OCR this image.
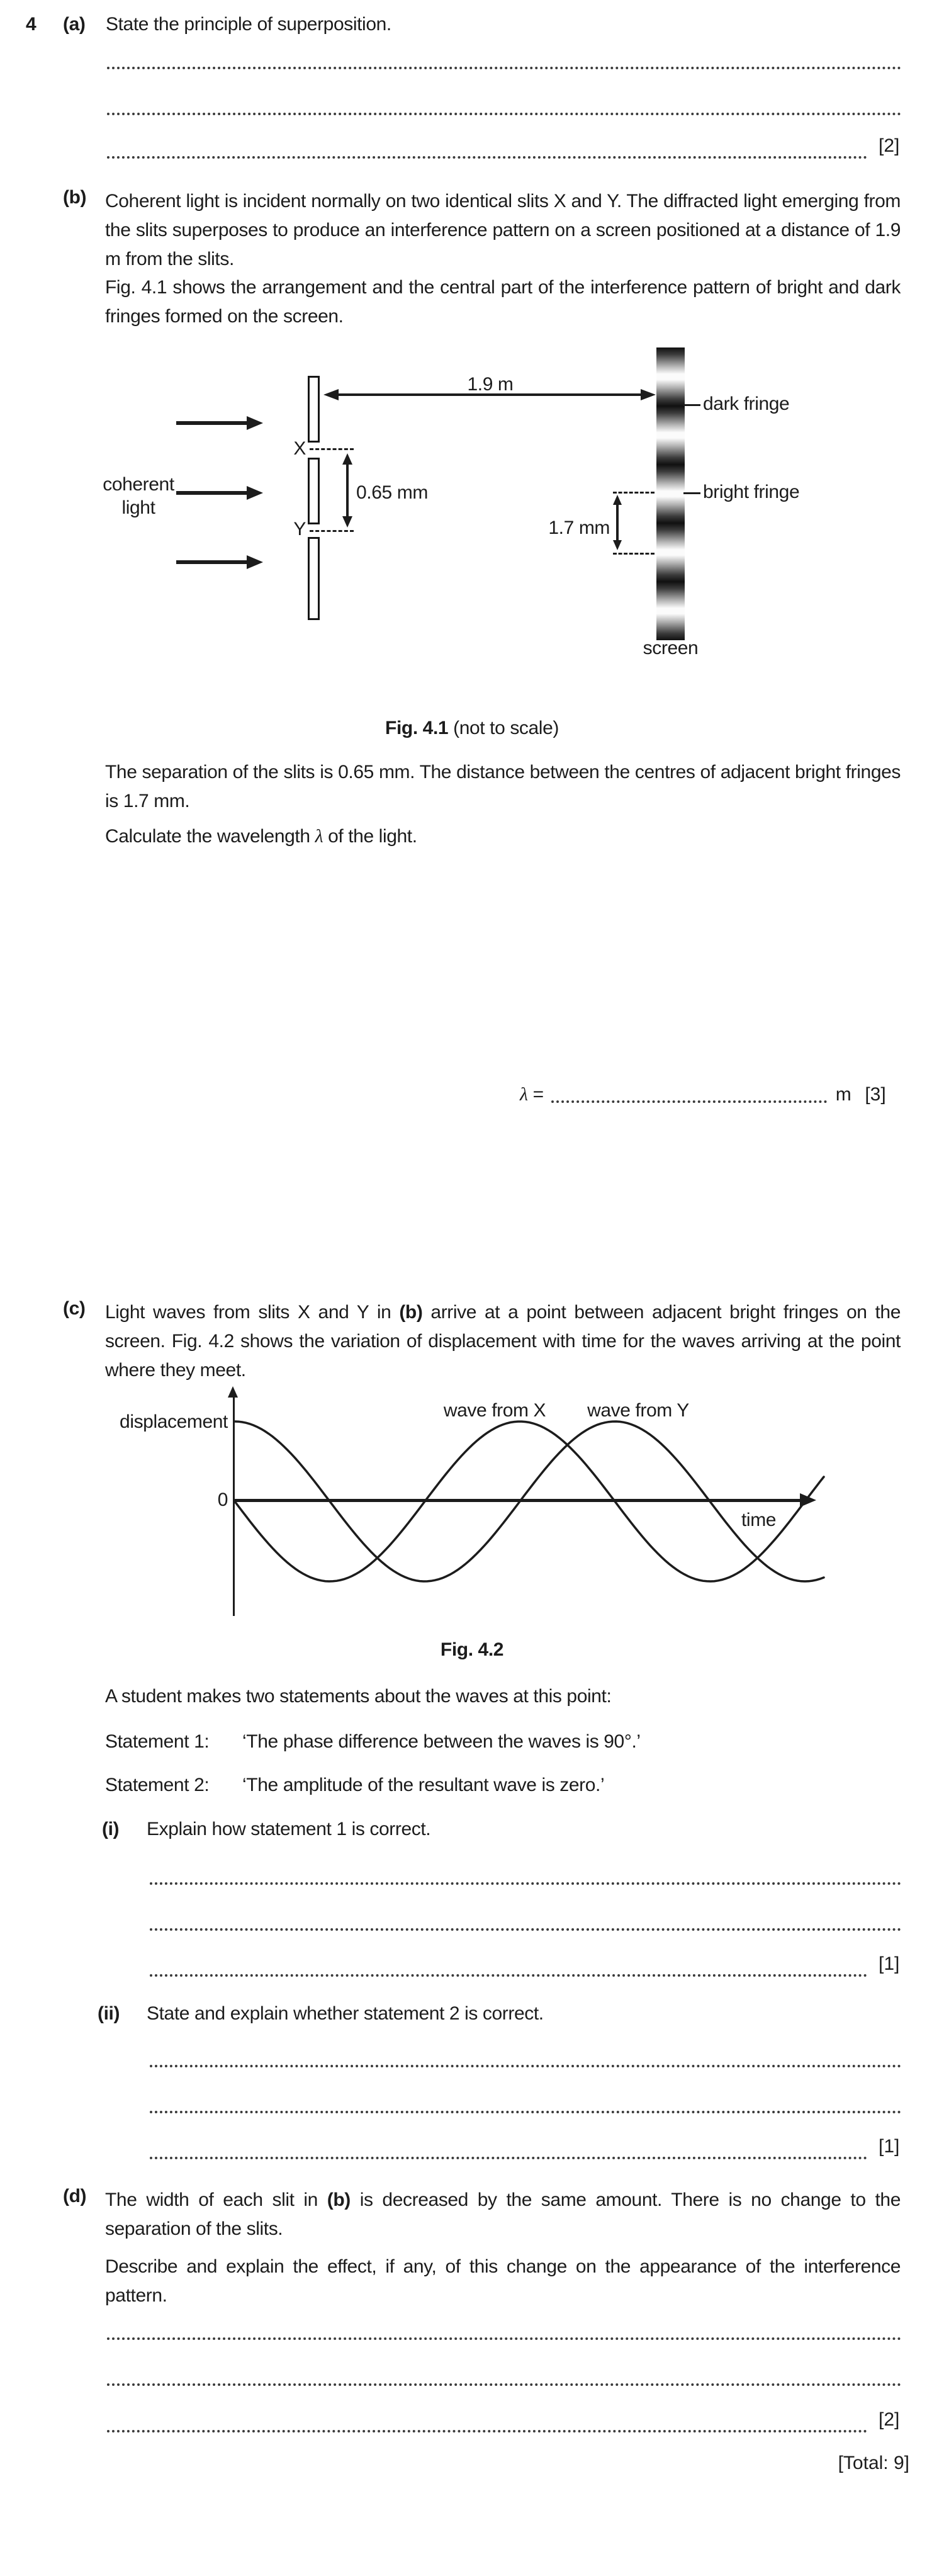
4 (a) State the principle of superposition.
[2]
(b) Coherent light is incident normally on two identical slits X and Y. The diffracted light emerging from the slits superposes to produce an interference pattern on a screen positioned at a distance of 1.9 m from the slits.
Fig. 4.1 shows the arrangement and the central part of the interference pattern of bright and dark fringes formed on the screen.
coherent
light
X
Y
0.65 mm
1.9 m
dark fringe
bright fringe
1.7 mm
screen
Fig. 4.1 (not to scale)
The separation of the slits is 0.65 mm. The distance between the centres of adjacent bright fringes is 1.7 mm.
Calculate the wavelength λ of the light.
λ =	m [3]
(c) Light waves from slits X and Y in (b) arrive at a point between adjacent bright fringes on the screen. Fig. 4.2 shows the variation of displacement with time for the waves arriving at the point where they meet.
displacement
0
time
wave from X	wave from Y
Fig. 4.2
A student makes two statements about the waves at this point:
Statement 1: ‘The phase difference between the waves is 90°.’
Statement 2: ‘The amplitude of the resultant wave is zero.’
(i) Explain how statement 1 is correct.
[1]
(ii) State and explain whether statement 2 is correct.
[1]
(d) The width of each slit in (b) is decreased by the same amount. There is no change to the separation of the slits.
Describe and explain the effect, if any, of this change on the appearance of the interference pattern.
[2]
[Total: 9]
